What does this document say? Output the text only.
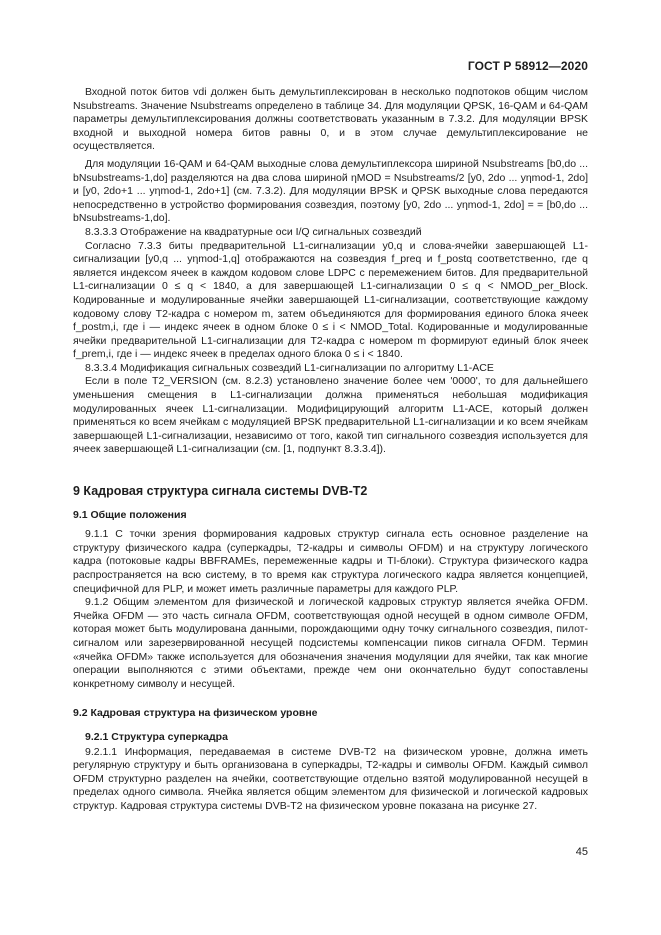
ГОСТ Р 58912—2020

Входной поток битов vdi должен быть демультиплексирован в несколько подпотоков общим числом Nsubstreams. Значение Nsubstreams определено в таблице 34. Для модуляции QPSK, 16-QAM и 64-QAM параметры демультиплексирования должны соответствовать указанным в 7.3.2. Для модуляции BPSK входной и выходной номера битов равны 0, и в этом случае демультиплексирование не осуществляется.

Для модуляции 16-QAM и 64-QAM выходные слова демультиплексора шириной Nsubstreams [b0,do ... bNsubstreams-1,do] разделяются на два слова шириной ηMOD = Nsubstreams/2 [y0, 2do ... yηmod-1, 2do] и [y0, 2do+1 ... yηmod-1, 2do+1] (см. 7.3.2). Для модуляции BPSK и QPSK выходные слова передаются непосредственно в устройство формирования созвездия, поэтому [y0, 2do ... yηmod-1, 2do] = = [b0,do ... bNsubstreams-1,do].

8.3.3.3 Отображение на квадратурные оси I/Q сигнальных созвездий

Согласно 7.3.3 биты предварительной L1-сигнализации y0,q и слова-ячейки завершающей L1-сигнализации [y0,q ... yηmod-1,q] отображаются на созвездия f_preq и f_postq соответственно, где q является индексом ячеек в каждом кодовом слове LDPC с перемежением битов. Для предварительной L1-сигнализации 0 ≤ q < 1840, а для завершающей L1-сигнализации 0 ≤ q < NMOD_per_Block. Кодированные и модулированные ячейки завершающей L1-сигнализации, соответствующие каждому кодовому слову T2-кадра с номером m, затем объединяются для формирования единого блока ячеек f_postm,i, где i — индекс ячеек в одном блоке 0 ≤ i < NMOD_Total. Кодированные и модулированные ячейки предварительной L1-сигнализации для T2-кадра с номером m формируют единый блок ячеек f_prem,i, где i — индекс ячеек в пределах одного блока 0 ≤ i < 1840.

8.3.3.4 Модификация сигнальных созвездий L1-сигнализации по алгоритму L1-ACE

Если в поле T2_VERSION (см. 8.2.3) установлено значение более чем '0000', то для дальнейшего уменьшения смещения в L1-сигнализации должна применяться небольшая модификация модулированных ячеек L1-сигнализации. Модифицирующий алгоритм L1-ACE, который должен применяться ко всем ячейкам с модуляцией BPSK предварительной L1-сигнализации и ко всем ячейкам завершающей L1-сигнализации, независимо от того, какой тип сигнального созвездия используется для ячеек завершающей L1-сигнализации (см. [1, подпункт 8.3.3.4]).

9 Кадровая структура сигнала системы DVB-T2
9.1 Общие положения

9.1.1 С точки зрения формирования кадровых структур сигнала есть основное разделение на структуру физического кадра (суперкадры, T2-кадры и символы OFDM) и на структуру логического кадра (потоковые кадры BBFRAMEs, перемеженные кадры и TI-блоки). Структура физического кадра распространяется на всю систему, в то время как структура логического кадра является концепцией, специфичной для PLP, и может иметь различные параметры для каждого PLP.

9.1.2 Общим элементом для физической и логической кадровых структур является ячейка OFDM. Ячейка OFDM — это часть сигнала OFDM, соответствующая одной несущей в одном символе OFDM, которая может быть модулирована данными, порождающими одну точку сигнального созвездия, пилот-сигналом или зарезервированной несущей подсистемы компенсации пиков сигнала OFDM. Термин «ячейка OFDM» также используется для обозначения значения модуляции для ячейки, так как многие операции выполняются с этими объектами, прежде чем они окончательно будут сопоставлены конкретному символу и несущей.

9.2 Кадровая структура на физическом уровне
9.2.1 Структура суперкадра

9.2.1.1 Информация, передаваемая в системе DVB-T2 на физическом уровне, должна иметь регулярную структуру и быть организована в суперкадры, T2-кадры и символы OFDM. Каждый символ OFDM структурно разделен на ячейки, соответствующие отдельно взятой модулированной несущей в пределах одного символа. Ячейка является общим элементом для физической и логической кадровых структур. Кадровая структура системы DVB-T2 на физическом уровне показана на рисунке 27.

45
